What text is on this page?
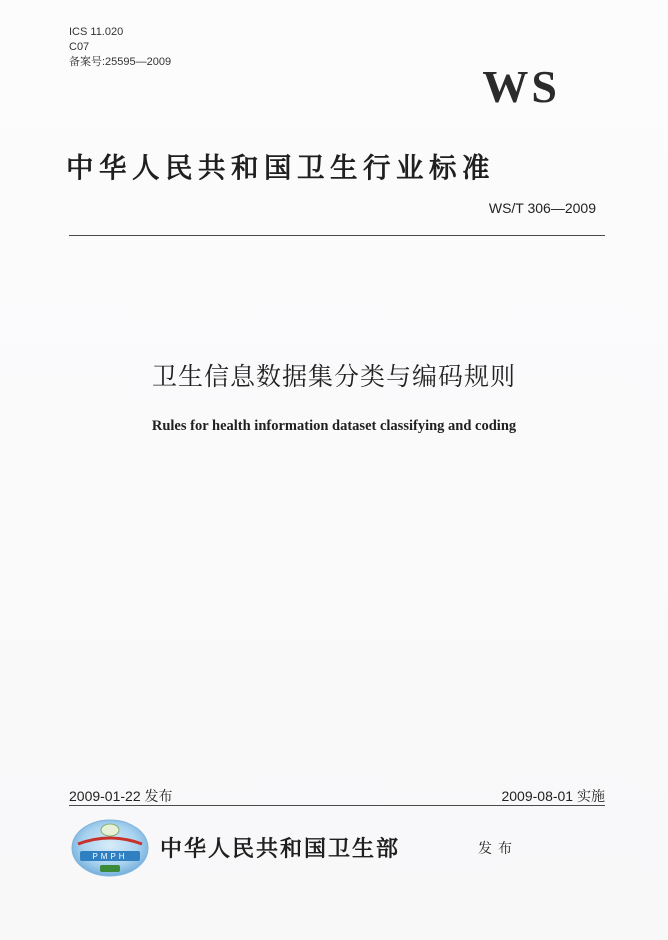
ICS 11.020
C07
备案号:25595—2009	WS
中华人民共和国卫生行业标准
WS/T 306—2009
卫生信息数据集分类与编码规则
Rules for health information dataset classifying and coding
2009-01-22 发布	2009-08-01 实施
PMPH 中华人民共和国卫生部	发布
